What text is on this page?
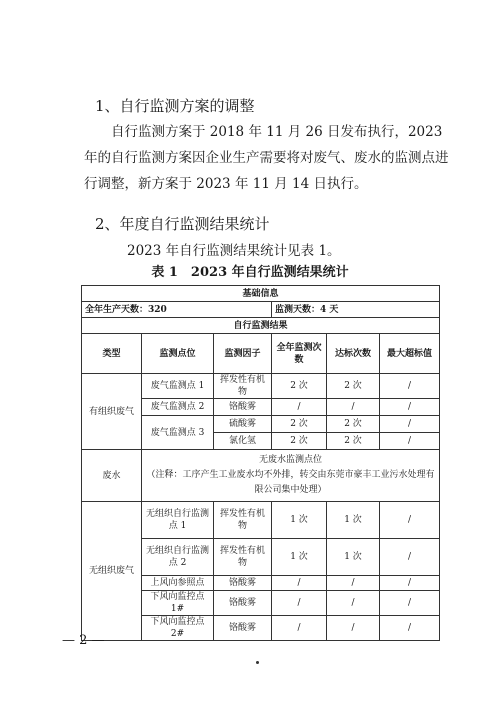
1、自行监测方案的调整
自行监测方案于 2018 年 11 月 26 日发布执行，2023 年的自行监测方案因企业生产需要将对废气、废水的监测点进行调整，新方案于 2023 年 11 月 14 日执行。
2、年度自行监测结果统计
2023 年自行监测结果统计见表 1。
表 1　2023 年自行监测结果统计
基础信息					
全年生产天数：320			监测天数：4 天		
自行监测结果					
类型	监测点位	监测因子	全年监测次数	达标次数	最大超标值
有组织废气	废气监测点 1	挥发性有机物	2 次	2 次	/
	废气监测点 2	铬酸雾	/	/	/
	废气监测点 3	硫酸雾	2 次	2 次	/
		氯化氢	2 次	2 次	/
废水	无废水监测点位
（注释：工序产生工业废水均不外排，转交由东莞市豪丰工业污水处理有限公司集中处理）				

无组织废气	无组织自行监测点 1	挥发性有机物	1 次	1 次	/
	无组织自行监测点 2	挥发性有机物	1 次	1 次	/
	上风向参照点	铬酸雾	/	/	/
	下风向监控点 1#	铬酸雾	/	/	/
	下风向监控点 2#	铬酸雾	/	/	/
— 2 —
